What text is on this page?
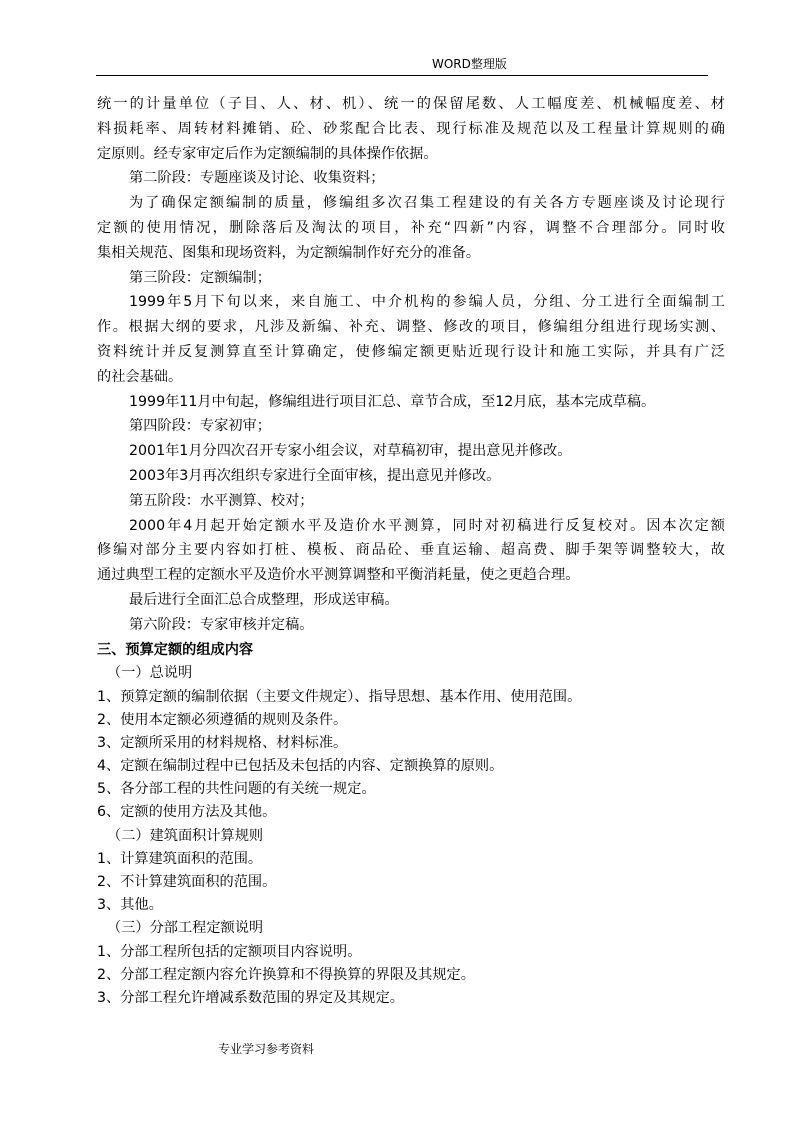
WORD整理版
统一的计量单位（子目、人、材、机）、统一的保留尾数、人工幅度差、机械幅度差、材
料损耗率、周转材料摊销、砼、砂浆配合比表、现行标准及规范以及工程量计算规则的确
定原则。经专家审定后作为定额编制的具体操作依据。
第二阶段：专题座谈及讨论、收集资料；
为了确保定额编制的质量，修编组多次召集工程建设的有关各方专题座谈及讨论现行
定额的使用情况，删除落后及淘汰的项目，补充“四新”内容，调整不合理部分。同时收
集相关规范、图集和现场资料，为定额编制作好充分的准备。
第三阶段：定额编制；
1999年5月下旬以来，来自施工、中介机构的参编人员，分组、分工进行全面编制工
作。根据大纲的要求，凡涉及新编、补充、调整、修改的项目，修编组分组进行现场实测、
资料统计并反复测算直至计算确定，使修编定额更贴近现行设计和施工实际，并具有广泛
的社会基础。
1999年11月中旬起，修编组进行项目汇总、章节合成，至12月底，基本完成草稿。
第四阶段：专家初审；
2001年1月分四次召开专家小组会议，对草稿初审，提出意见并修改。
2003年3月再次组织专家进行全面审核，提出意见并修改。
第五阶段：水平测算、校对；
2000年4月起开始定额水平及造价水平测算，同时对初稿进行反复校对。因本次定额
修编对部分主要内容如打桩、模板、商品砼、垂直运输、超高费、脚手架等调整较大，故
通过典型工程的定额水平及造价水平测算调整和平衡消耗量，使之更趋合理。
最后进行全面汇总合成整理，形成送审稿。
第六阶段：专家审核并定稿。
三、预算定额的组成内容
（一）总说明
1、预算定额的编制依据（主要文件规定）、指导思想、基本作用、使用范围。
2、使用本定额必须遵循的规则及条件。
3、定额所采用的材料规格、材料标准。
4、定额在编制过程中已包括及未包括的内容、定额换算的原则。
5、各分部工程的共性问题的有关统一规定。
6、定额的使用方法及其他。
（二）建筑面积计算规则
1、计算建筑面积的范围。
2、不计算建筑面积的范围。
3、其他。
（三）分部工程定额说明
1、分部工程所包括的定额项目内容说明。
2、分部工程定额内容允许换算和不得换算的界限及其规定。
3、分部工程允许增减系数范围的界定及其规定。
专业学习参考资料
